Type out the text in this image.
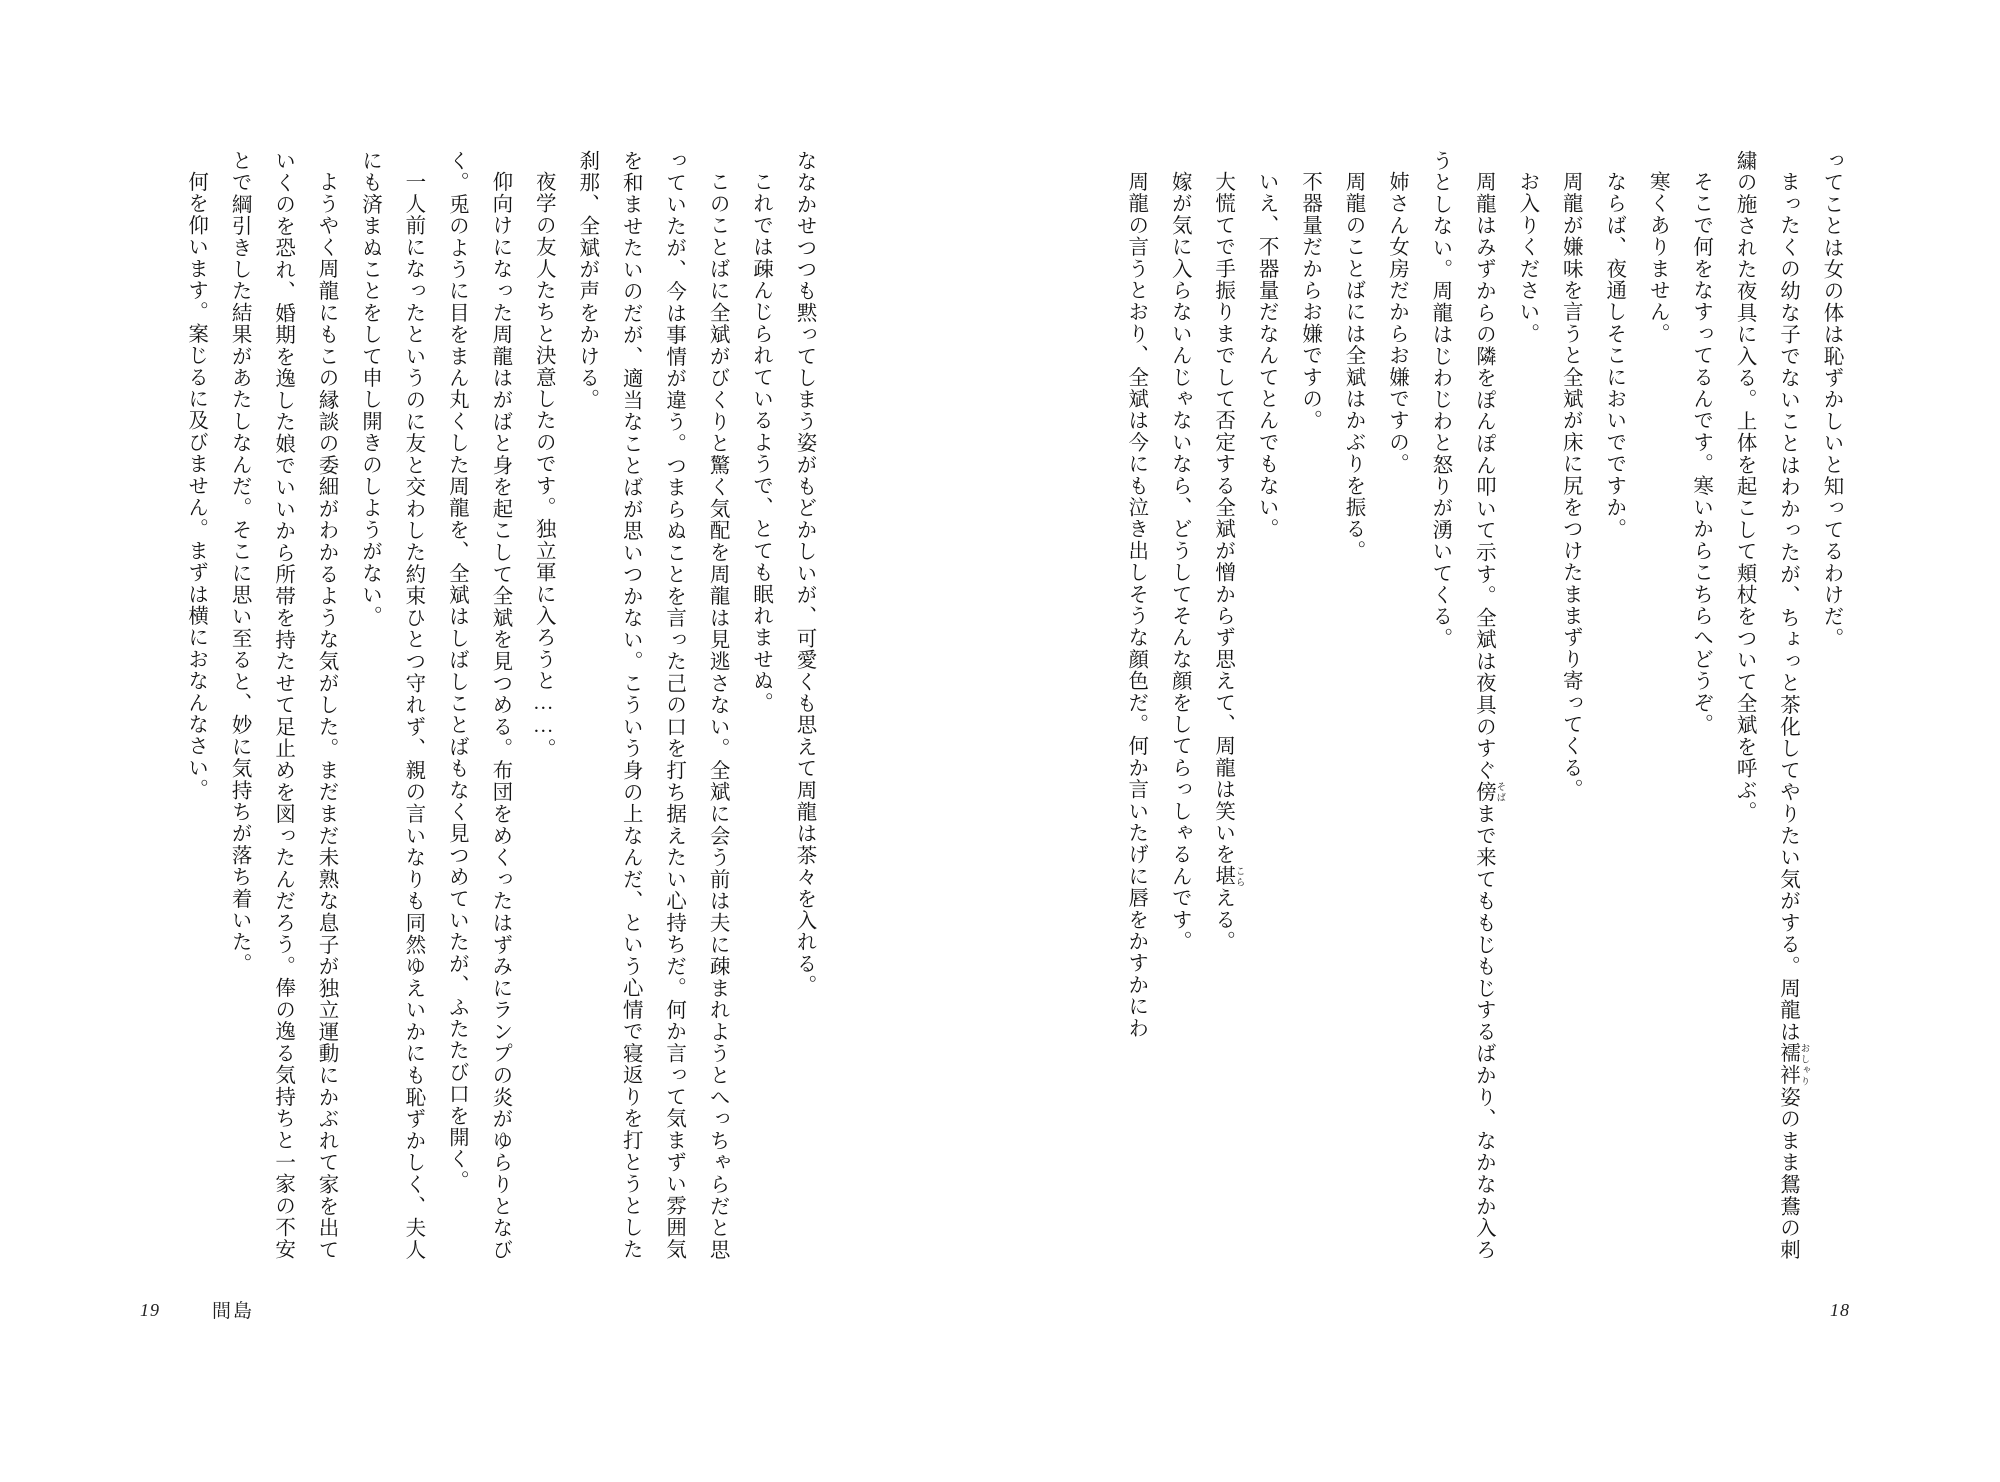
ってことは女の体は恥ずかしいと知ってるわけだ。

まったくの幼な子でないことはわかったが、ちょっと茶化してやりたい気がする。周龍は襦袢 おしゃり姿のまま鴛鴦の刺繍の施された夜具に入る。上体を起こして頬杖をついて全斌を呼ぶ。

そこで何をなすってるんです。寒いからこちらへどうぞ。

寒くありません。

ならば、夜通しそこにおいでですか。

周龍が嫌味を言うと全斌が床に尻をつけたままずり寄ってくる。

お入りください。

周龍はみずからの隣をぽんぽん叩いて示す。全斌は夜具のすぐ傍 そばまで来てももじもじするばかり、なかなか入ろうとしない。周龍はじわじわと怒りが湧いてくる。

姉さん女房だからお嫌ですの。

周龍のことばには全斌はかぶりを振る。

不器量だからお嫌ですの。

いえ、不器量だなんてとんでもない。

大慌てで手振りまでして否定する全斌が憎からず思えて、周龍は笑いを堪 こらえる。

嫁が気に入らないんじゃないなら、どうしてそんな顔をしてらっしゃるんです。

周龍の言うとおり、全斌は今にも泣き出しそうな顔色だ。何か言いたげに唇をかすかにわ

ななかせつつも黙ってしまう姿がもどかしいが、可愛くも思えて周龍は茶々を入れる。

これでは疎んじられているようで、とても眠れませぬ。

このことばに全斌がびくりと驚く気配を周龍は見逃さない。全斌に会う前は夫に疎まれようとへっちゃらだと思っていたが、今は事情が違う。つまらぬことを言った己の口を打ち据えたい心持ちだ。何か言って気まずい雰囲気を和ませたいのだが、適当なことばが思いつかない。こういう身の上なんだ、という心情で寝返りを打とうとした刹那、全斌が声をかける。

夜学の友人たちと決意したのです。独立軍に入ろうと……。

仰向けになった周龍はがばと身を起こして全斌を見つめる。布団をめくったはずみにランプの炎がゆらりとなびく。兎のように目をまん丸くした周龍を、全斌はしばしことばもなく見つめていたが、ふたたび口を開く。

一人前になったというのに友と交わした約束ひとつ守れず、親の言いなりも同然ゆえいかにも恥ずかしく、夫人にも済まぬことをして申し開きのしようがない。

ようやく周龍にもこの縁談の委細がわかるような気がした。まだまだ未熟な息子が独立運動にかぶれて家を出ていくのを恐れ、婚期を逸した娘でいいから所帯を持たせて足止めを図ったんだろう。俸の逸る気持ちと一家の不安とで綱引きした結果があたしなんだ。そこに思い至ると、妙に気持ちが落ち着いた。

何を仰います。案じるに及びません。まずは横におなんなさい。

18
19	間島
